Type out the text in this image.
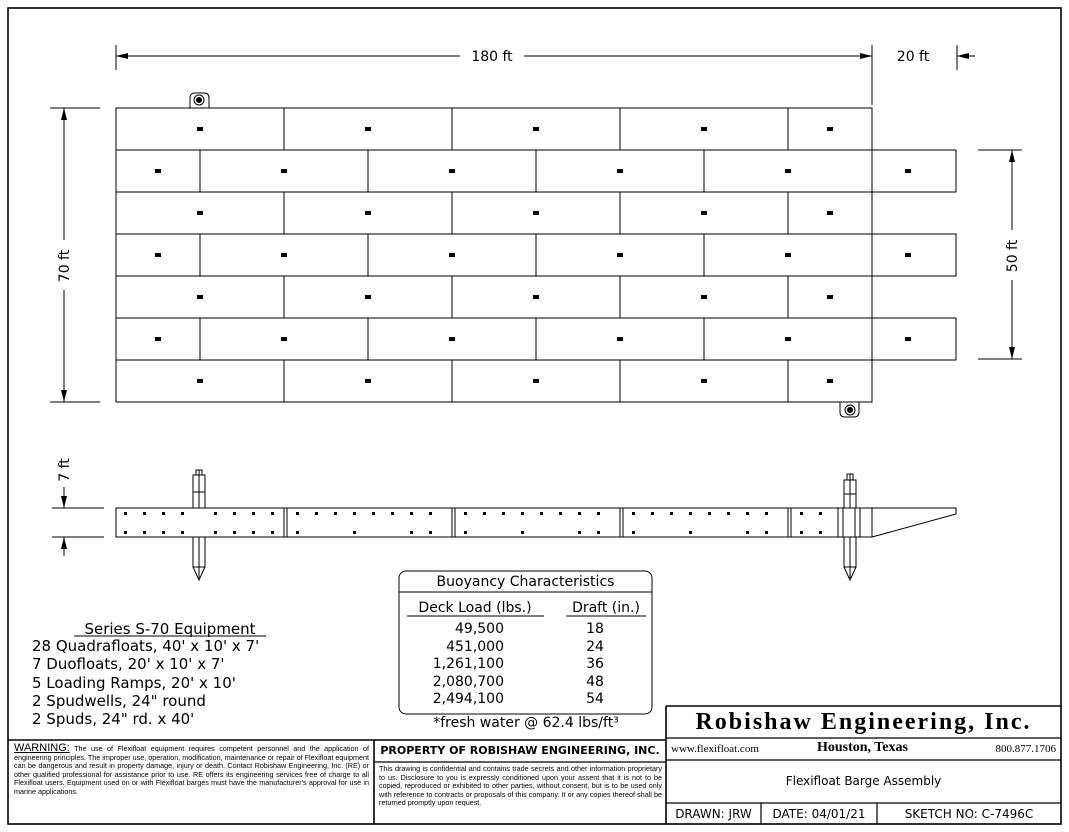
180 ft	20 ft
70 ft	50 ft
7 ft
Buoyancy Characteristics
Deck Load (lbs.)	Draft (in.)
49,500	18
451,000	24
1,261,100	36
2,080,700	48
2,494,100	54
*fresh water @ 62.4 lbs/ft³
Series S-70 Equipment
28 Quadrafloats, 40' x 10' x 7'
7 Duofloats, 20' x 10' x 7'
5 Loading Ramps, 20' x 10'
2 Spudwells, 24" round
2 Spuds, 24" rd. x 40'
WARNING: The use of Flexifloat equipment requires competent personnel and the application of engineering principles. The improper use, operation, modification, maintenance or repair of Flexifloat equipment can be dangerous and result in property damage, injury or death. Contact Robishaw Engineering, Inc. (RE) or other qualified professional for assistance prior to use. RE offers its engineering services free of charge to all Flexifloat users. Equipment used on or with Flexifloat barges must have the manufacturer's approval for use in marine applications.
PROPERTY OF ROBISHAW ENGINEERING, INC.
This drawing is confidential and contains trade secrets and other information proprietary to us. Disclosure to you is expressly conditioned upon your assent that it is not to be copied, reproduced or exhibited to other parties, without consent, but is to be used only with reference to contracts or proposals of this company. It or any copies thereof shall be returned promptly upon request.
Robishaw Engineering, Inc.
www.flexifloat.com	Houston, Texas	800.877.1706
Flexifloat Barge Assembly
DRAWN: JRW	DATE: 04/01/21	SKETCH NO: C-7496C
